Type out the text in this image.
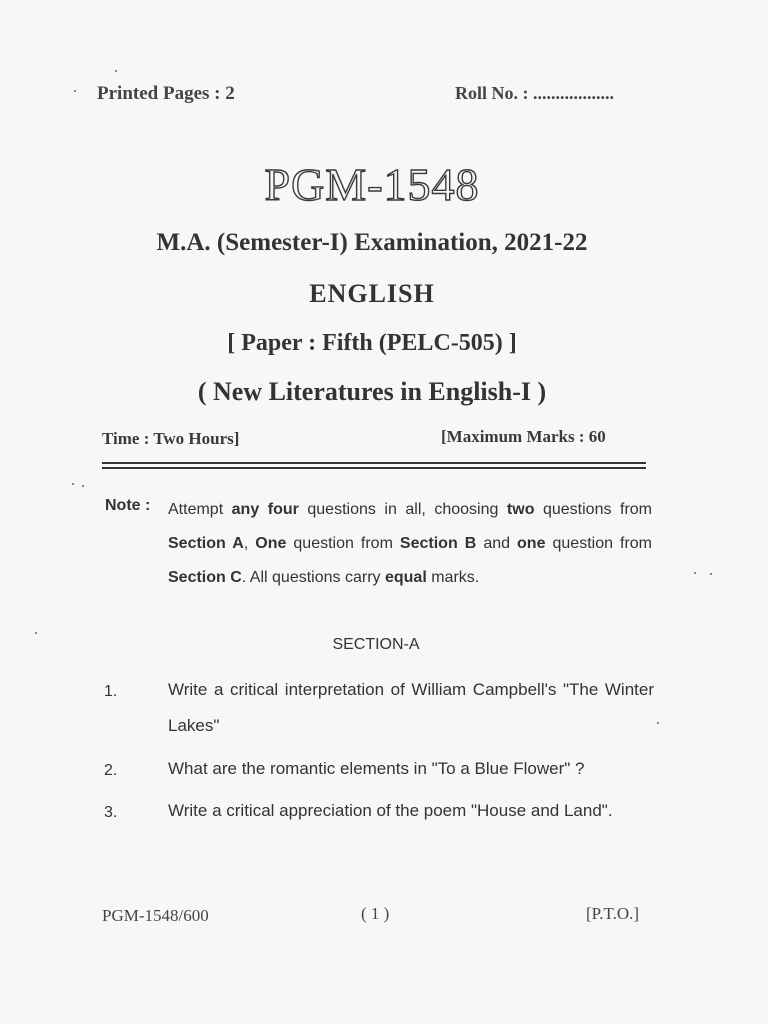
Printed Pages : 2	Roll No. : ..................
PGM-1548
M.A. (Semester-I) Examination, 2021-22
ENGLISH
[ Paper : Fifth (PELC-505) ]
( New Literatures in English-I )
Time : Two Hours]	[Maximum Marks : 60
Note : Attempt any four questions in all, choosing two questions from Section A, One question from Section B and one question from Section C. All questions carry equal marks.
SECTION-A
1.	Write a critical interpretation of William Campbell's "The Winter Lakes"
2.	What are the romantic elements in "To a Blue Flower" ?
3.	Write a critical appreciation of the poem "House and Land".
PGM-1548/600	( 1 )	[P.T.O.]
